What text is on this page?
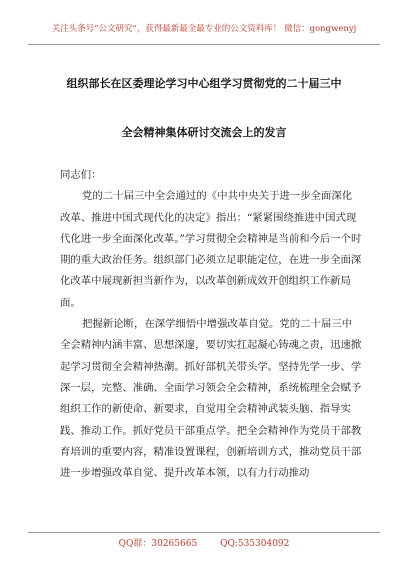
关注头条号“公文研究”，获得最新最全最专业的公文资料库！ 微信：gongwenyj
组织部长在区委理论学习中心组学习贯彻党的二十届三中
全会精神集体研讨交流会上的发言

同志们：

党的二十届三中全会通过的《中共中央关于进一步全面深化改革、推进中国式现代化的决定》指出：“紧紧围绕推进中国式现代化进一步全面深化改革。”学习贯彻全会精神是当前和今后一个时期的重大政治任务。组织部门必须立足职能定位，在进一步全面深化改革中展现新担当新作为，以改革创新成效开创组织工作新局面。

把握新论断，在深学细悟中增强改革自觉。党的二十届三中全会精神内涵丰富、思想深邃，要切实扛起凝心铸魂之责，迅速掀起学习贯彻全会精神热潮。抓好部机关带头学。坚持先学一步、学深一层，完整、准确、全面学习领会全会精神，系统梳理全会赋予组织工作的新使命、新要求，自觉用全会精神武装头脑、指导实践、推动工作。抓好党员干部重点学。把全会精神作为党员干部教育培训的重要内容，精准设置课程，创新培训方式，推动党员干部进一步增强改革自觉、提升改革本领，以有力行动推动

QQ群：30265665	QQ:535304092
